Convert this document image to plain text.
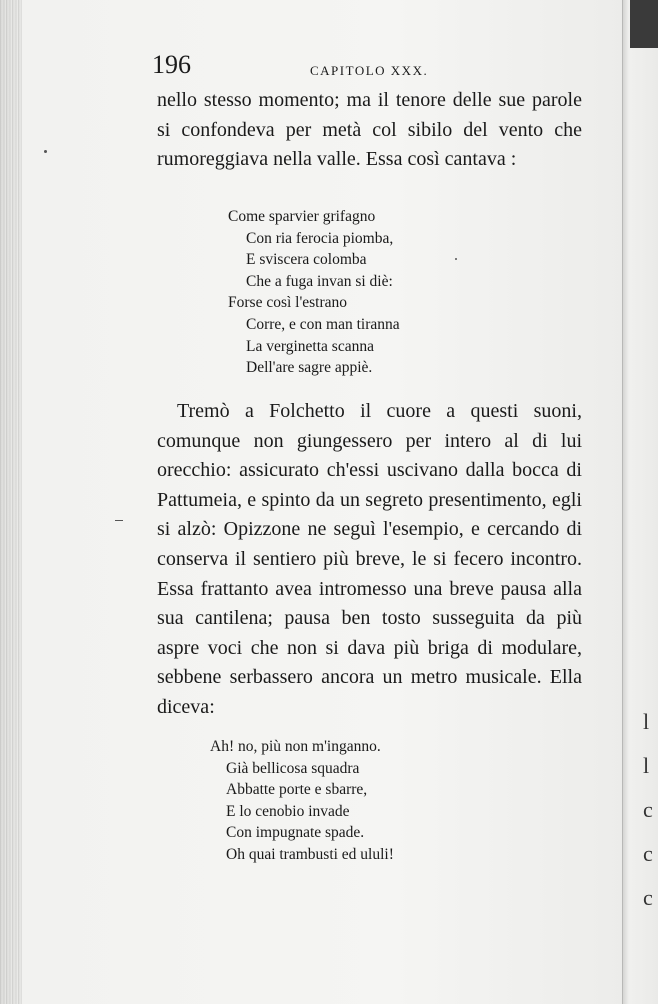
l
l
c
c
c
196	CAPITOLO XXX.

nello stesso momento; ma il tenore delle sue parole si confondeva per metà col sibilo del vento che rumoreggiava nella valle. Essa così cantava :

Come sparvier grifagno
Con ria ferocia piomba,
E sviscera colomba
Che a fuga invan si diè:
Forse così l'estrano
Corre, e con man tiranna
La verginetta scanna
Dell'are sagre appiè.

Tremò a Folchetto il cuore a questi suoni, comunque non giungessero per intero al di lui orecchio: assicurato ch'essi uscivano dalla bocca di Pattumeia, e spinto da un segreto presentimento, egli si alzò: Opizzone ne seguì l'esempio, e cercando di conserva il sentiero più breve, le si fecero incontro. Essa frattanto avea intromesso una breve pausa alla sua cantilena; pausa ben tosto susseguita da più aspre voci che non si dava più briga di modulare, sebbene serbassero ancora un metro musicale. Ella diceva:

Ah! no, più non m'inganno.
Già bellicosa squadra
Abbatte porte e sbarre,
E lo cenobio invade
Con impugnate spade.
Oh quai trambusti ed ululi!
